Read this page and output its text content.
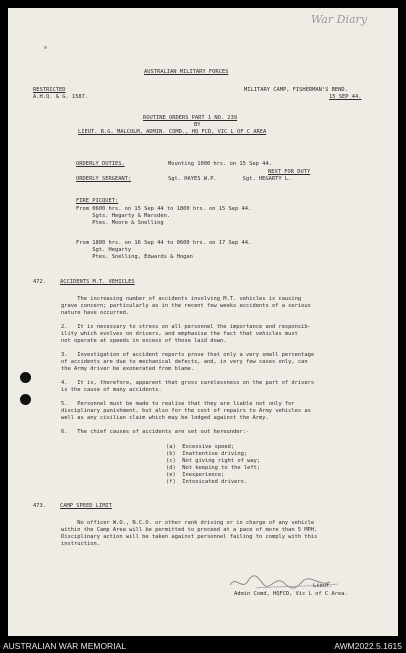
War Diary
AUSTRALIAN MILITARY FORCES
RESTRICTED
A.H.Q. & G. 1587.
MILITARY CAMP, FISHERMAN'S BEND.
15 SEP 44.
ROUTINE ORDERS PART 1 NO. 239
BY
LIEUT. R.G. MALCOLM, ADMIN. COMD., HQ FCD, VIC L OF C AREA
ORDERLY DUTIES.	Mounting 1000 hrs. on 15 Sep 44.
NEXT FOR DUTY
ORDERLY SERGEANT:	Sgt. HAYES W.P.        Sgt. HEGARTY L.
FIRE PICQUET:
From 0600 hrs. on 15 Sep 44 to 1800 hrs. on 15 Sep 44.
Sgts. Hegarty & Marsden.
Ptes. Moore & Snelling
From 1800 hrs. on 16 Sep 44 to 0600 hrs. on 17 Sep 44.
Sgt. Hegarty
Ptes. Snelling, Edwards & Hogan
472.	ACCIDENTS M.T. VEHICLES
The increasing number of accidents involving M.T. vehicles is causing
grave concern; particularly as in the recent few weeks accidents of a serious
nature have occurred.
2.   It is necessary to stress on all personnel the importance and responsib-
ility which evolves on drivers, and emphasise the fact that vehicles must
not operate at speeds in excess of those laid down.
3.   Investigation of accident reports prove that only a very small percentage
of accidents are due to mechanical defects, and, in very few cases only, can
the Army driver be exonerated from blame.
4.   It is, therefore, apparent that gross carelessness on the part of drivers
is the cause of many accidents.
5.   Personnel must be made to realise that they are liable not only for
disciplinary punishment, but also for the cost of repairs to Army vehicles as
well as any civilian claim which may be lodged against the Army.
6.   The chief causes of accidents are set out hereunder:-
(a)  Excessive speed;
(b)  Inattentive driving;
(c)  Not giving right of way;
(d)  Not keeping to the left;
(e)  Inexperience;
(f)  Intoxicated drivers.
473.	CAMP SPEED LIMIT
No officer W.O., N.C.O. or other rank driving or in charge of any vehicle
within the Camp Area will be permitted to proceed at a pace of more than 5 MPH.
Disciplinary action will be taken against personnel failing to comply with this
instruction.
Lieut.
Admin Comd, HQFCD, Vic L of C Area.
AUSTRALIAN WAR MEMORIAL	AWM2022.5.1615
